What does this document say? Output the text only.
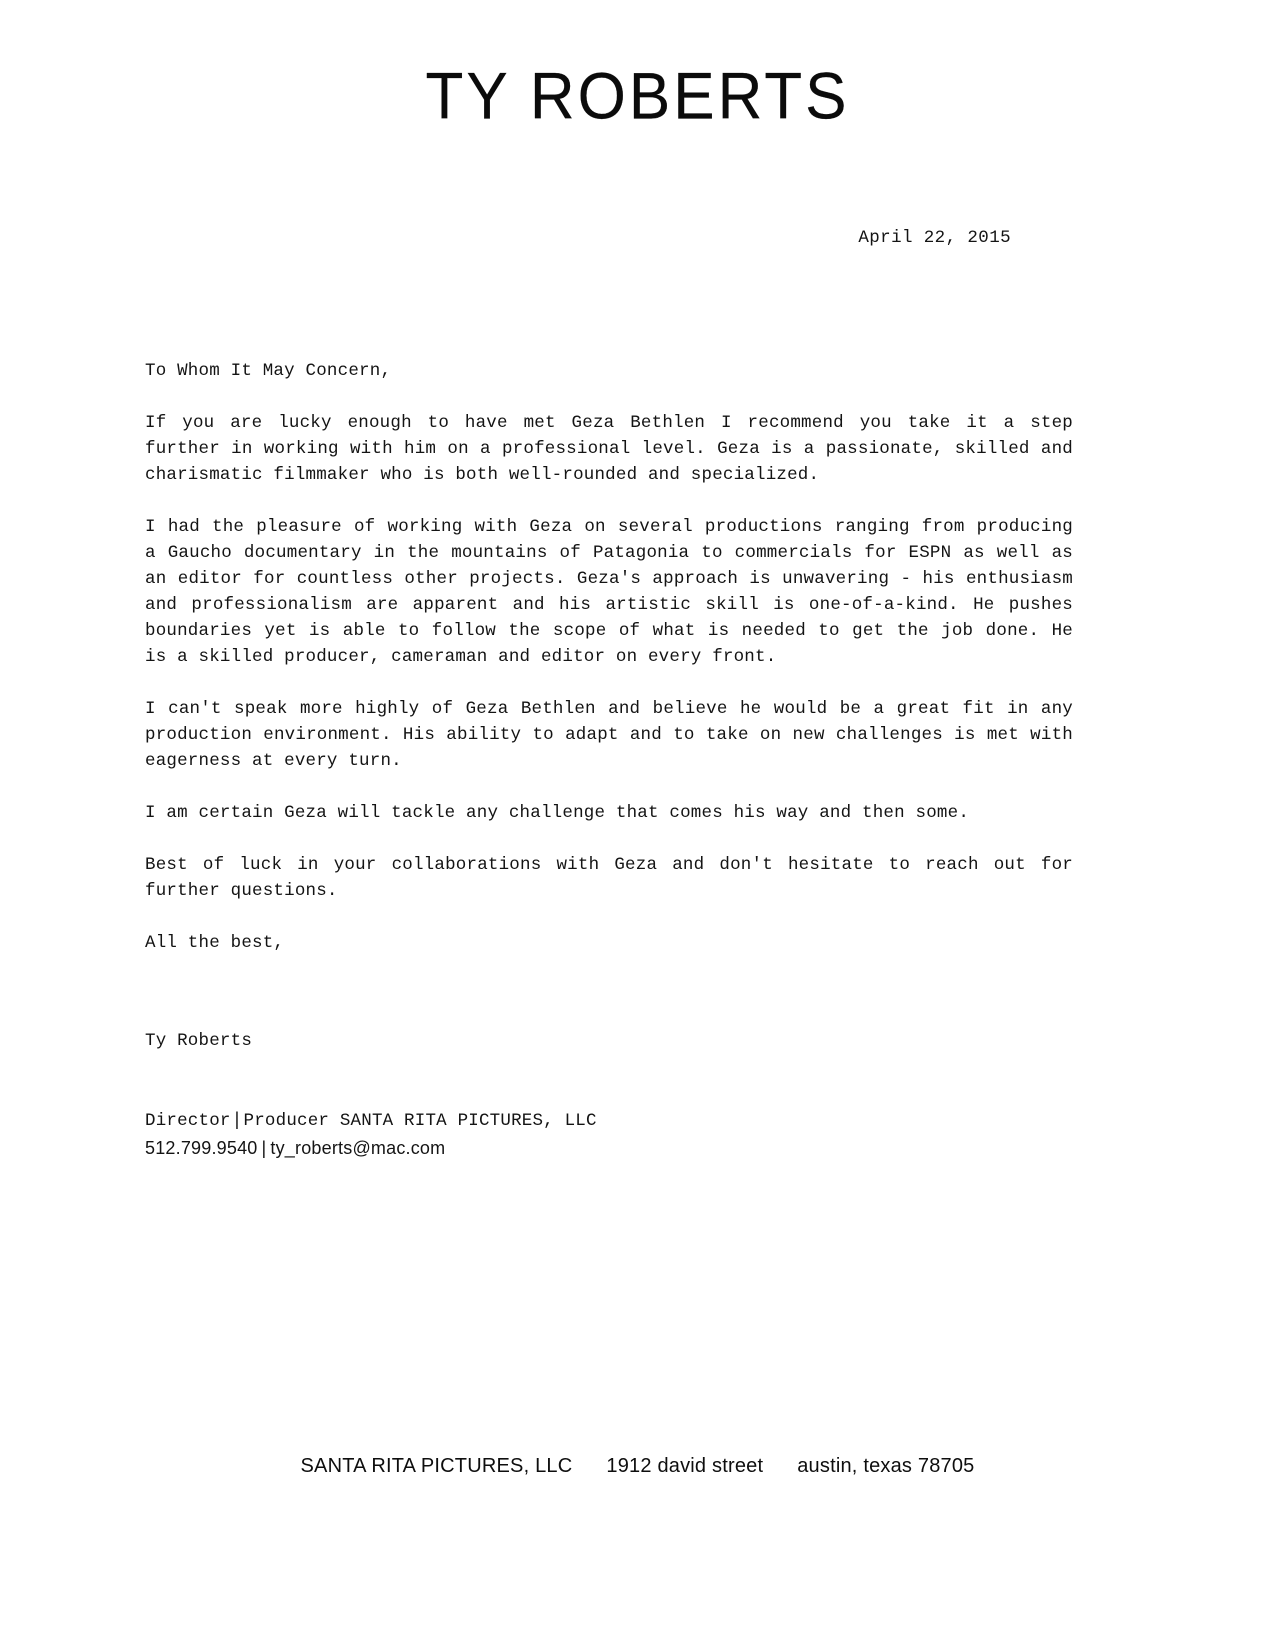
TY ROBERTS
April 22, 2015

To Whom It May Concern,

If you are lucky enough to have met Geza Bethlen I recommend you take it a step further in working with him on a professional level. Geza is a passionate, skilled and charismatic filmmaker who is both well-rounded and specialized.

I had the pleasure of working with Geza on several productions ranging from producing a Gaucho documentary in the mountains of Patagonia to commercials for ESPN as well as an editor for countless other projects. Geza's approach is unwavering - his enthusiasm and professionalism are apparent and his artistic skill is one-of-a-kind. He pushes boundaries yet is able to follow the scope of what is needed to get the job done. He is a skilled producer, cameraman and editor on every front.

I can't speak more highly of Geza Bethlen and believe he would be a great fit in any production environment. His ability to adapt and to take on new challenges is met with eagerness at every turn.

I am certain Geza will tackle any challenge that comes his way and then some.

Best of luck in your collaborations with Geza and don't hesitate to reach out for further questions.

All the best,

Ty Roberts
Director | Producer SANTA RITA PICTURES, LLC
512.799.9540 | ty_roberts@mac.com
SANTA RITA PICTURES, LLC 1912 david street austin, texas 78705
